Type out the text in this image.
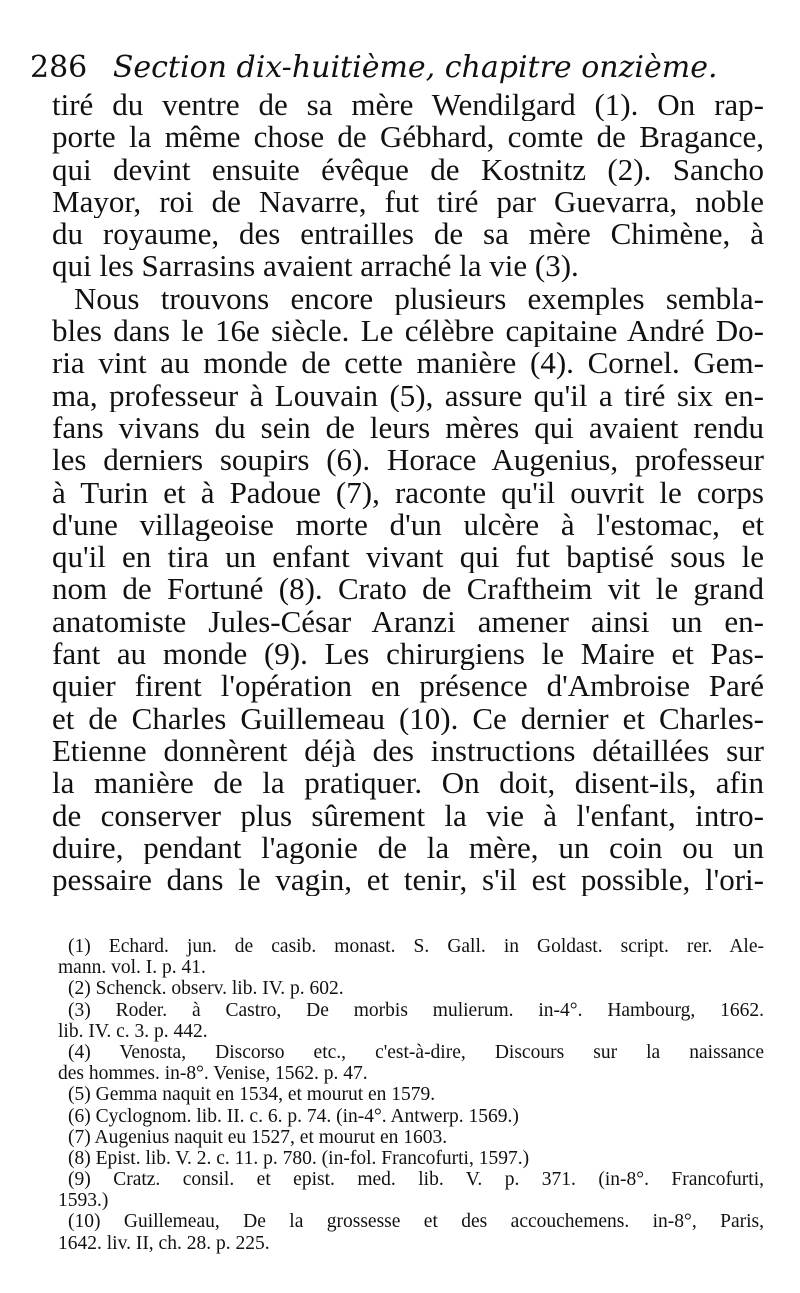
286 Section dix-huitième, chapitre onzième.
tiré du ventre de sa mère Wendilgard (1). On rap-
porte la même chose de Gébhard, comte de Bragance,
qui devint ensuite évêque de Kostnitz (2). Sancho
Mayor, roi de Navarre, fut tiré par Guevarra, noble
du royaume, des entrailles de sa mère Chimène, à
qui les Sarrasins avaient arraché la vie (3).
Nous trouvons encore plusieurs exemples sembla-
bles dans le 16e siècle. Le célèbre capitaine André Do-
ria vint au monde de cette manière (4). Cornel. Gem-
ma, professeur à Louvain (5), assure qu'il a tiré six en-
fans vivans du sein de leurs mères qui avaient rendu
les derniers soupirs (6). Horace Augenius, professeur
à Turin et à Padoue (7), raconte qu'il ouvrit le corps
d'une villageoise morte d'un ulcère à l'estomac, et
qu'il en tira un enfant vivant qui fut baptisé sous le
nom de Fortuné (8). Crato de Craftheim vit le grand
anatomiste Jules-César Aranzi amener ainsi un en-
fant au monde (9). Les chirurgiens le Maire et Pas-
quier firent l'opération en présence d'Ambroise Paré
et de Charles Guillemeau (10). Ce dernier et Charles-
Etienne donnèrent déjà des instructions détaillées sur
la manière de la pratiquer. On doit, disent-ils, afin
de conserver plus sûrement la vie à l'enfant, intro-
duire, pendant l'agonie de la mère, un coin ou un
pessaire dans le vagin, et tenir, s'il est possible, l'ori-
(1) Echard. jun. de casib. monast. S. Gall. in Goldast. script. rer. Ale-
mann. vol. I. p. 41.
(2) Schenck. observ. lib. IV. p. 602.
(3) Roder. à Castro, De morbis mulierum. in-4°. Hambourg, 1662.
lib. IV. c. 3. p. 442.
(4) Venosta, Discorso etc., c'est-à-dire, Discours sur la naissance
des hommes. in-8°. Venise, 1562. p. 47.
(5) Gemma naquit en 1534, et mourut en 1579.
(6) Cyclognom. lib. II. c. 6. p. 74. (in-4°. Antwerp. 1569.)
(7) Augenius naquit eu 1527, et mourut en 1603.
(8) Epist. lib. V. 2. c. 11. p. 780. (in-fol. Francofurti, 1597.)
(9) Cratz. consil. et epist. med. lib. V. p. 371. (in-8°. Francofurti,
1593.)
(10) Guillemeau, De la grossesse et des accouchemens. in-8°, Paris,
1642. liv. II, ch. 28. p. 225.
